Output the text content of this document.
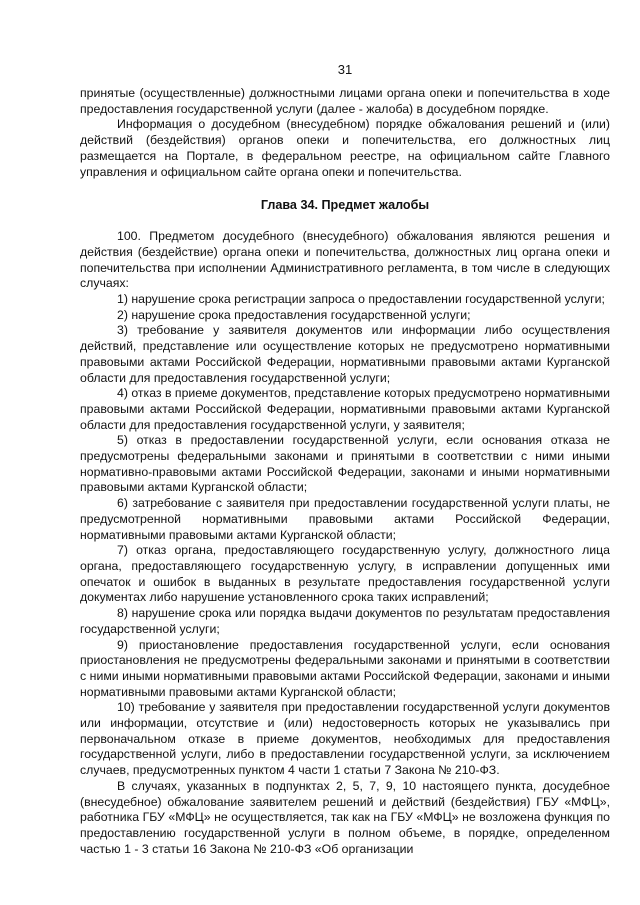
31

принятые (осуществленные) должностными лицами органа опеки и попечительства в ходе предоставления государственной услуги (далее - жалоба) в досудебном порядке.

Информация о досудебном (внесудебном) порядке обжалования решений и (или) действий (бездействия) органов опеки и попечительства, его должностных лиц размещается на Портале, в федеральном реестре, на официальном сайте Главного управления и официальном сайте органа опеки и попечительства.

Глава 34. Предмет жалобы

100. Предметом досудебного (внесудебного) обжалования являются решения и действия (бездействие) органа опеки и попечительства, должностных лиц органа опеки и попечительства при исполнении Административного регламента, в том числе в следующих случаях:

1) нарушение срока регистрации запроса о предоставлении государственной услуги;

2) нарушение срока предоставления государственной услуги;

3) требование у заявителя документов или информации либо осуществления действий, представление или осуществление которых не предусмотрено нормативными правовыми актами Российской Федерации, нормативными правовыми актами Курганской области для предоставления государственной услуги;

4) отказ в приеме документов, представление которых предусмотрено нормативными правовыми актами Российской Федерации, нормативными правовыми актами Курганской области для предоставления государственной услуги, у заявителя;

5) отказ в предоставлении государственной услуги, если основания отказа не предусмотрены федеральными законами и принятыми в соответствии с ними иными нормативно-правовыми актами Российской Федерации, законами и иными нормативными правовыми актами Курганской области;

6) затребование с заявителя при предоставлении государственной услуги платы, не предусмотренной нормативными правовыми актами Российской Федерации, нормативными правовыми актами Курганской области;

7) отказ органа, предоставляющего государственную услугу, должностного лица органа, предоставляющего государственную услугу, в исправлении допущенных ими опечаток и ошибок в выданных в результате предоставления государственной услуги документах либо нарушение установленного срока таких исправлений;

8) нарушение срока или порядка выдачи документов по результатам предоставления государственной услуги;

9) приостановление предоставления государственной услуги, если основания приостановления не предусмотрены федеральными законами и принятыми в соответствии с ними иными нормативными правовыми актами Российской Федерации, законами и иными нормативными правовыми актами Курганской области;

10) требование у заявителя при предоставлении государственной услуги документов или информации, отсутствие и (или) недостоверность которых не указывались при первоначальном отказе в приеме документов, необходимых для предоставления государственной услуги, либо в предоставлении государственной услуги, за исключением случаев, предусмотренных пунктом 4 части 1 статьи 7 Закона № 210-ФЗ.

В случаях, указанных в подпунктах 2, 5, 7, 9, 10 настоящего пункта, досудебное (внесудебное) обжалование заявителем решений и действий (бездействия) ГБУ «МФЦ», работника ГБУ «МФЦ» не осуществляется, так как на ГБУ «МФЦ» не возложена функция по предоставлению государственной услуги в полном объеме, в порядке, определенном частью 1 - 3 статьи 16 Закона № 210-ФЗ «Об организации
